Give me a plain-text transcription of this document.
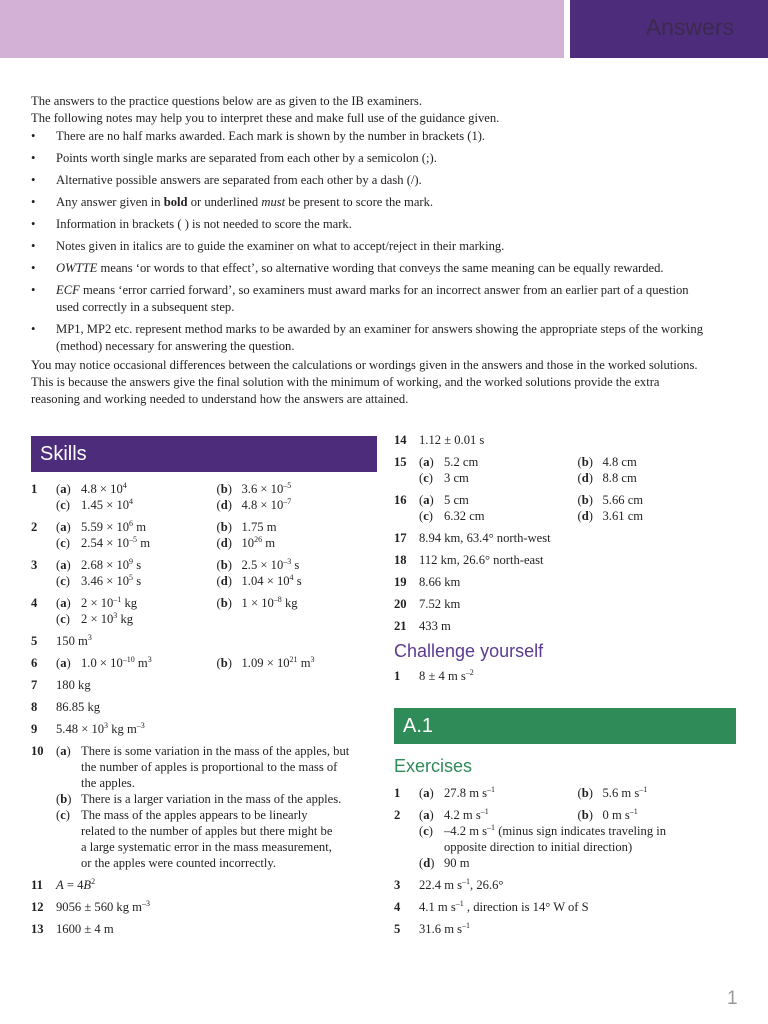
Answers

The answers to the practice questions below are as given to the IB examiners.

The following notes may help you to interpret these and make full use of the guidance given.

• There are no half marks awarded. Each mark is shown by the number in brackets (1).
• Points worth single marks are separated from each other by a semicolon (;).
• Alternative possible answers are separated from each other by a dash (/).
• Any answer given in bold or underlined must be present to score the mark.
• Information in brackets ( ) is not needed to score the mark.
• Notes given in italics are to guide the examiner on what to accept/reject in their marking.
• OWTTE means ‘or words to that effect’, so alternative wording that conveys the same meaning can be equally rewarded.
• ECF means ‘error carried forward’, so examiners must award marks for an incorrect answer from an earlier part of a question used correctly in a subsequent step.
• MP1, MP2 etc. represent method marks to be awarded by an examiner for answers showing the appropriate steps of the working (method) necessary for answering the question.

You may notice occasional differences between the calculations or wordings given in the answers and those in the worked solutions. This is because the answers give the final solution with the minimum of working, and the worked solutions provide the extra reasoning and working needed to understand how the answers are attained.

Skills
1 (a) $4.8 \times 10^4$	(b) $3.6 \times 10^{-5}$
(c) $1.45 \times 10^4$	(d) $4.8 \times 10^{-7}$
2 (a) $5.59 \times 10^6$ m	(b) 1.75 m
(c) $2.54 \times 10^{-5}$ m	(d) $10^{26}$ m
3 (a) $2.68 \times 10^9$ s	(b) $2.5 \times 10^{-3}$ s
(c) $3.46 \times 10^5$ s	(d) $1.04 \times 10^4$ s
4 (a) $2 \times 10^{-1}$ kg	(b) $1 \times 10^{-8}$ kg
(c) $2 \times 10^3$ kg
5 150 $m^3$
6 (a) $1.0 \times 10^{-10}$ $m^3$	(b) $1.09 \times 10^{21}$ $m^3$
7 180 kg
8 86.85 kg
9 $5.48 \times 10^3$ kg $m^{-3}$
10 (a) There is some variation in the mass of the apples, but the number of apples is proportional to the mass of the apples.
(b) There is a larger variation in the mass of the apples.
(c) The mass of the apples appears to be linearly related to the number of apples but there might be a large systematic error in the mass measurement, or the apples were counted incorrectly.
11 $A = 4B^2$
12 9056 ± 560 kg $m^{-3}$
13 1600 ± 4 m
14 1.12 ± 0.01 s
15 (a) 5.2 cm	(b) 4.8 cm
(c) 3 cm	(d) 8.8 cm
16 (a) 5 cm	(b) 5.66 cm
(c) 6.32 cm	(d) 3.61 cm
17 8.94 km, 63.4° north-west
18 112 km, 26.6° north-east
19 8.66 km
20 7.52 km
21 433 m
Challenge yourself
1 8 ± 4 m $s^{-2}$
A.1
Exercises
1 (a) 27.8 m $s^{-1}$	(b) 5.6 m $s^{-1}$
2 (a) 4.2 m $s^{-1}$	(b) 0 m $s^{-1}$
(c) –4.2 m $s^{-1}$ (minus sign indicates traveling in opposite direction to initial direction)
(d) 90 m
3 22.4 m $s^{-1}$, 26.6°
4 4.1 m $s^{-1}$ , direction is 14° W of S
5 31.6 m $s^{-1}$
1
